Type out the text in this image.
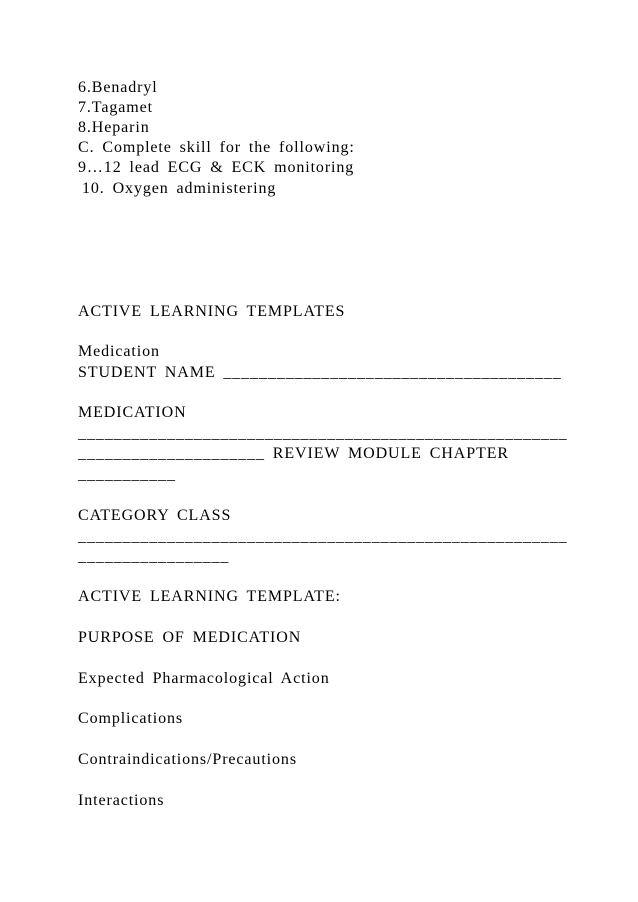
6.Benadryl
7.Tagamet
8.Heparin
C. Complete skill for the following:
9…12 lead ECG & ECK monitoring
10. Oxygen administering
ACTIVE LEARNING TEMPLATES
Medication
STUDENT NAME ______________________________________
MEDICATION
_______________________________________________________
_____________________ REVIEW MODULE CHAPTER
___________
CATEGORY CLASS
_______________________________________________________
_________________
ACTIVE LEARNING TEMPLATE:
PURPOSE OF MEDICATION
Expected Pharmacological Action
Complications
Contraindications/Precautions
Interactions
